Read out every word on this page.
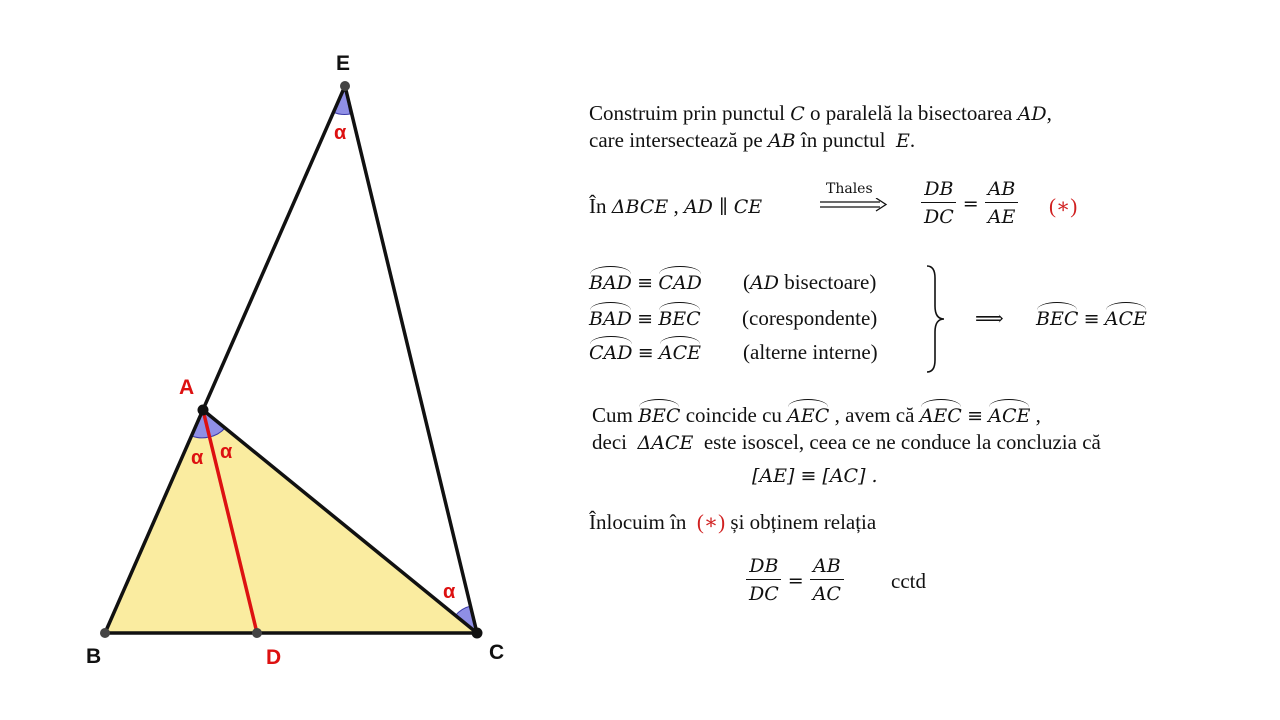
E
A
B	D	C
α
α α
α
Construim prin punctul C o paralelă la bisectoarea AD,
care intersectează pe AB în punctul  E.
În ΔBCE , AD ∥ CE
Thales	$\frac{DB}{DC} = \frac{AB}{AE}$ (∗)
BAD ≡ CAD (AD bisectoare)
BAD ≡ BEC (corespondente)
CAD ≡ ACE (alterne interne)
⟹ BEC ≡ ACE
Cum BEC coincide cu AEC , avem că AEC ≡ ACE ,
deci  ΔACE  este isoscel, ceea ce ne conduce la concluzia că
[AE] ≡ [AC] .
Înlocuim în  (∗) și obținem relația
$\frac{DB}{DC} = \frac{AB}{AC}$ cctd
